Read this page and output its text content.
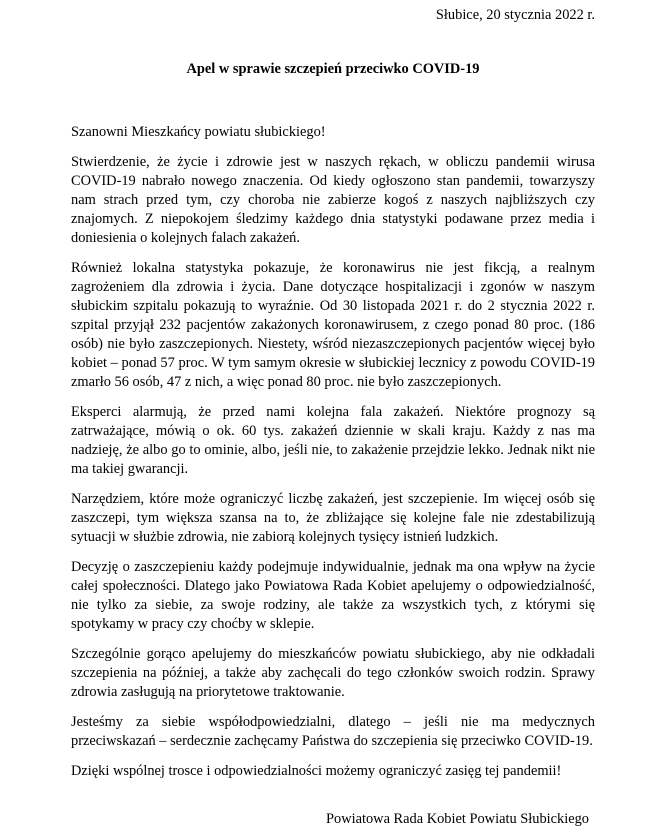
Słubice, 20 stycznia 2022 r.
Apel w sprawie szczepień przeciwko COVID-19
Szanowni Mieszkańcy powiatu słubickiego!

Stwierdzenie, że życie i zdrowie jest w naszych rękach, w obliczu pandemii wirusa COVID-19 nabrało nowego znaczenia. Od kiedy ogłoszono stan pandemii, towarzyszy nam strach przed tym, czy choroba nie zabierze kogoś z naszych najbliższych czy znajomych. Z niepokojem śledzimy każdego dnia statystyki podawane przez media i doniesienia o kolejnych falach zakażeń.

Również lokalna statystyka pokazuje, że koronawirus nie jest fikcją, a realnym zagrożeniem dla zdrowia i życia. Dane dotyczące hospitalizacji i zgonów w naszym słubickim szpitalu pokazują to wyraźnie. Od 30 listopada 2021 r. do 2 stycznia 2022 r. szpital przyjął 232 pacjentów zakażonych koronawirusem, z czego ponad 80 proc. (186 osób) nie było zaszczepionych. Niestety, wśród niezaszczepionych pacjentów więcej było kobiet – ponad 57 proc. W tym samym okresie w słubickiej lecznicy z powodu COVID-19 zmarło 56 osób, 47 z nich, a więc ponad 80 proc. nie było zaszczepionych.

Eksperci alarmują, że przed nami kolejna fala zakażeń. Niektóre prognozy są zatrważające, mówią o ok. 60 tys. zakażeń dziennie w skali kraju. Każdy z nas ma nadzieję, że albo go to ominie, albo, jeśli nie, to zakażenie przejdzie lekko. Jednak nikt nie ma takiej gwarancji.

Narzędziem, które może ograniczyć liczbę zakażeń, jest szczepienie. Im więcej osób się zaszczepi, tym większa szansa na to, że zbliżające się kolejne fale nie zdestabilizują sytuacji w służbie zdrowia, nie zabiorą kolejnych tysięcy istnień ludzkich.

Decyzję o zaszczepieniu każdy podejmuje indywidualnie, jednak ma ona wpływ na życie całej społeczności. Dlatego jako Powiatowa Rada Kobiet apelujemy o odpowiedzialność, nie tylko za siebie, za swoje rodziny, ale także za wszystkich tych, z którymi się spotykamy w pracy czy choćby w sklepie.

Szczególnie gorąco apelujemy do mieszkańców powiatu słubickiego, aby nie odkładali szczepienia na później, a także aby zachęcali do tego członków swoich rodzin. Sprawy zdrowia zasługują na priorytetowe traktowanie.

Jesteśmy za siebie współodpowiedzialni, dlatego – jeśli nie ma medycznych przeciwskazań – serdecznie zachęcamy Państwa do szczepienia się przeciwko COVID-19.

Dzięki wspólnej trosce i odpowiedzialności możemy ograniczyć zasięg tej pandemii!

Powiatowa Rada Kobiet Powiatu Słubickiego
